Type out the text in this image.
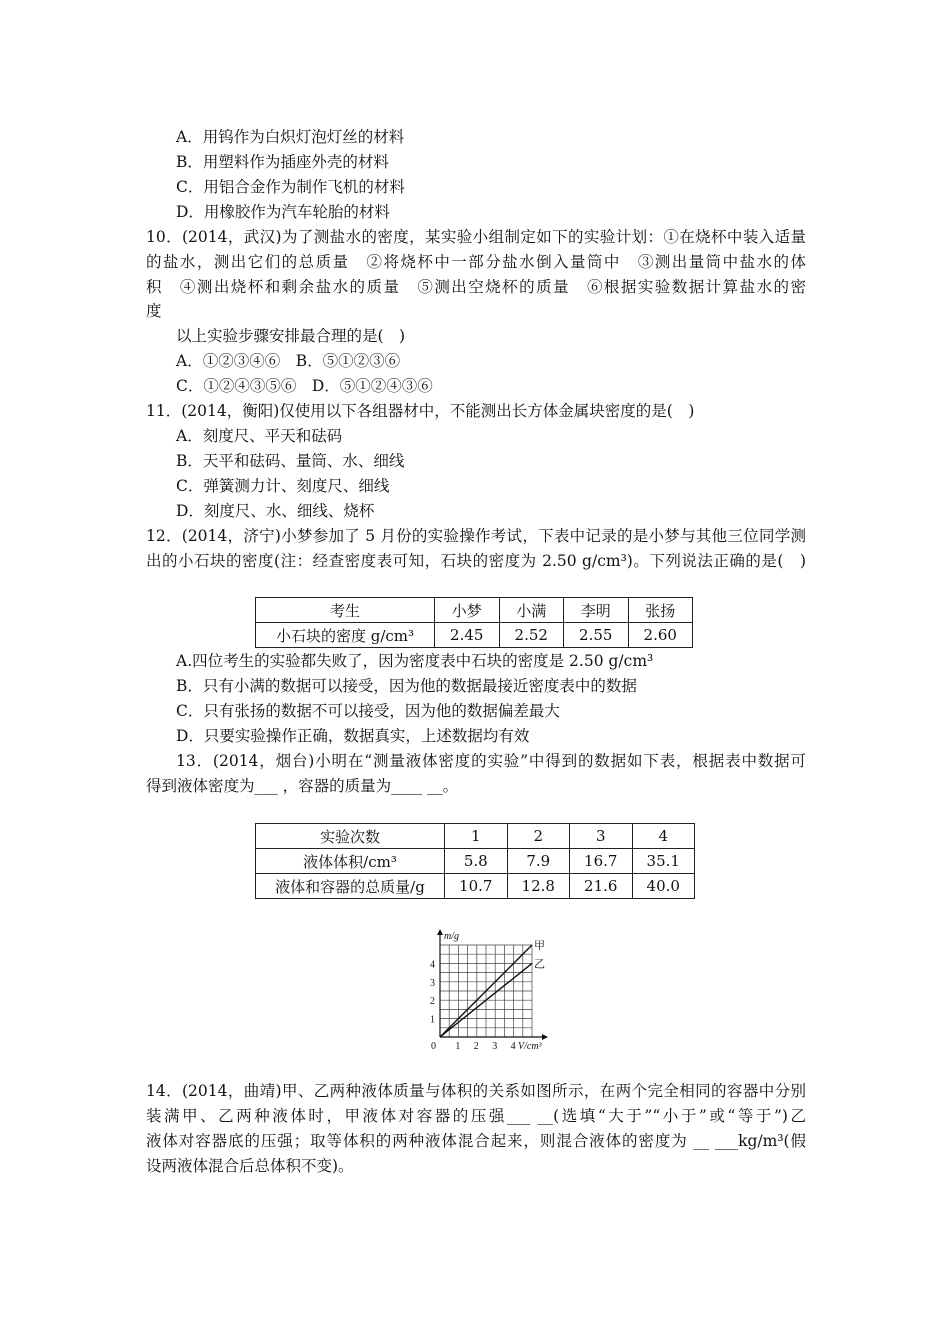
A．用钨作为白炽灯泡灯丝的材料
B．用塑料作为插座外壳的材料
C．用铝合金作为制作飞机的材料
D．用橡胶作为汽车轮胎的材料
10．(2014，武汉)为了测盐水的密度，某实验小组制定如下的实验计划：①在烧杯中装入适量
的盐水，测出它们的总质量　②将烧杯中一部分盐水倒入量筒中　③测出量筒中盐水的体
积　④测出烧杯和剩余盐水的质量　⑤测出空烧杯的质量　⑥根据实验数据计算盐水的密
度
以上实验步骤安排最合理的是(　)
A．①②③④⑥　B．⑤①②③⑥
C．①②④③⑤⑥　D．⑤①②④③⑥
11．(2014，衡阳)仅使用以下各组器材中，不能测出长方体金属块密度的是(　)
A．刻度尺、平天和砝码
B．天平和砝码、量筒、水、细线
C．弹簧测力计、刻度尺、细线
D．刻度尺、水、细线、烧杯
12．(2014，济宁)小梦参加了 5 月份的实验操作考试，下表中记录的是小梦与其他三位同学测
出的小石块的密度(注：经查密度表可知，石块的密度为 2.50 g/cm³)。下列说法正确的是(　)
考生	小梦	小满	李明	张扬
小石块的密度 g/cm³	2.45	2.52	2.55	2.60
A.四位考生的实验都失败了，因为密度表中石块的密度是 2.50 g/cm³
B．只有小满的数据可以接受，因为他的数据最接近密度表中的数据
C．只有张扬的数据不可以接受，因为他的数据偏差最大
D．只要实验操作正确，数据真实，上述数据均有效
13．(2014，烟台)小明在“测量液体密度的实验”中得到的数据如下表，根据表中数据可
得到液体密度为___ ，容器的质量为____ __。
实验次数	1	2	3	4
液体体积/cm³	5.8	7.9	16.7	35.1
液体和容器的总质量/g	10.7	12.8	21.6	40.0
甲
乙
0 1 2 3 4
1
2
3
4
V/cm³
m/g
14．(2014，曲靖)甲、乙两种液体质量与体积的关系如图所示，在两个完全相同的容器中分别
装满甲、乙两种液体时，甲液体对容器的压强___ __(选填“大于”“小于”或“等于”)乙
液体对容器底的压强；取等体积的两种液体混合起来，则混合液体的密度为 __ ___kg/m³(假
设两液体混合后总体积不变)。
